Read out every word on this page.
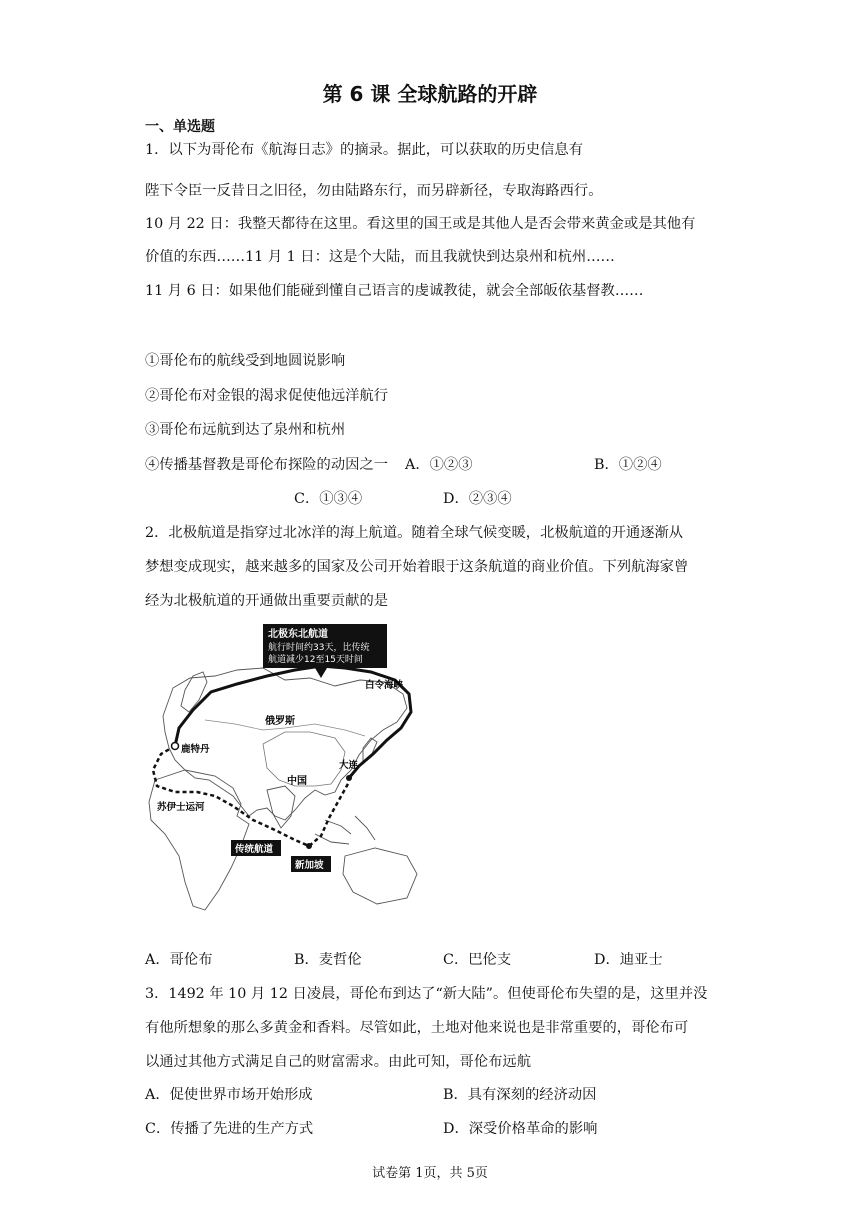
第 6 课 全球航路的开辟
一、单选题
1．以下为哥伦布《航海日志》的摘录。据此，可以获取的历史信息有
陛下令臣一反昔日之旧径，勿由陆路东行，而另辟新径，专取海路西行。
10 月 22 日：我整天都待在这里。看这里的国王或是其他人是否会带来黄金或是其他有
价值的东西……11 月 1 日：这是个大陆，而且我就快到达泉州和杭州……
11 月 6 日：如果他们能碰到懂自己语言的虔诚教徒，就会全部皈依基督教……
①哥伦布的航线受到地圆说影响
②哥伦布对金银的渴求促使他远洋航行
③哥伦布远航到达了泉州和杭州
④传播基督教是哥伦布探险的动因之一 A．①②③	B．①②④
C．①③④	D．②③④
2．北极航道是指穿过北冰洋的海上航道。随着全球气候变暖，北极航道的开通逐渐从
梦想变成现实，越来越多的国家及公司开始着眼于这条航道的商业价值。下列航海家曾
经为北极航道的开通做出重要贡献的是
北极东北航道
航行时间约33天，比传统
航道减少12至15天时间
白令海峡
俄罗斯
鹿特丹
大连
中国
苏伊士运河
传统航道
新加坡
A．哥伦布	B．麦哲伦	C．巴伦支	D．迪亚士
3．1492 年 10 月 12 日凌晨，哥伦布到达了“新大陆”。但使哥伦布失望的是，这里并没
有他所想象的那么多黄金和香料。尽管如此，土地对他来说也是非常重要的，哥伦布可
以通过其他方式满足自己的财富需求。由此可知，哥伦布远航
A．促使世界市场开始形成	B．具有深刻的经济动因
C．传播了先进的生产方式	D．深受价格革命的影响
试卷第 1页，共 5页
